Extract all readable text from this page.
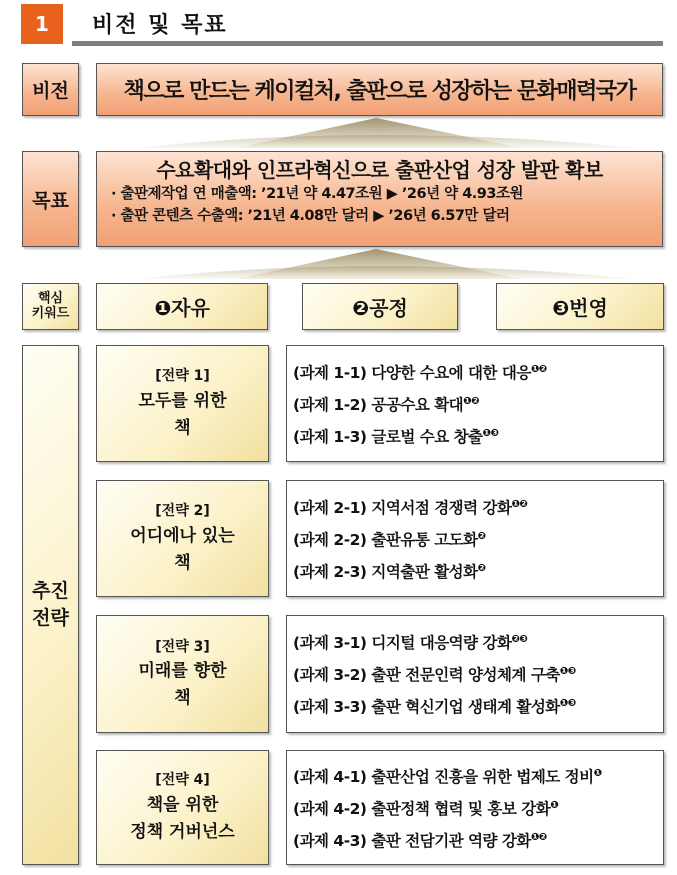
1	비전 및 목표
비전	책으로 만드는 케이컬처, 출판으로 성장하는 문화매력국가
목표
수요확대와 인프라혁신으로 출판산업 성장 발판 확보
· 출판제작업 연 매출액: ’21년 약 4.47조원 ▶ ’26년 약 4.93조원
· 출판 콘텐츠 수출액: ’21년 4.08만 달러 ▶ ’26년 6.57만 달러
핵심
키워드	❶자유	❷공정	❸번영
추진
전략
[전략 1]
모두를 위한
책
(과제 1-1) 다양한 수요에 대한 대응$^{❶❷}$
(과제 1-2) 공공수요 확대$^{❶❷}$
(과제 1-3) 글로벌 수요 창출$^{❶❸}$
[전략 2]
어디에나 있는
책
(과제 2-1) 지역서점 경쟁력 강화$^{❶❷}$
(과제 2-2) 출판유통 고도화$^❷$
(과제 2-3) 지역출판 활성화$^❷$
[전략 3]
미래를 향한
책
(과제 3-1) 디지털 대응역량 강화$^{❷❸}$
(과제 3-2) 출판 전문인력 양성체계 구축$^{❶❸}$
(과제 3-3) 출판 혁신기업 생태계 활성화$^{❶❸}$
[전략 4]
책을 위한
정책 거버넌스
(과제 4-1) 출판산업 진흥을 위한 법제도 정비$^❶$
(과제 4-2) 출판정책 협력 및 홍보 강화$^❶$
(과제 4-3) 출판 전담기관 역량 강화$^{❶❷}$
